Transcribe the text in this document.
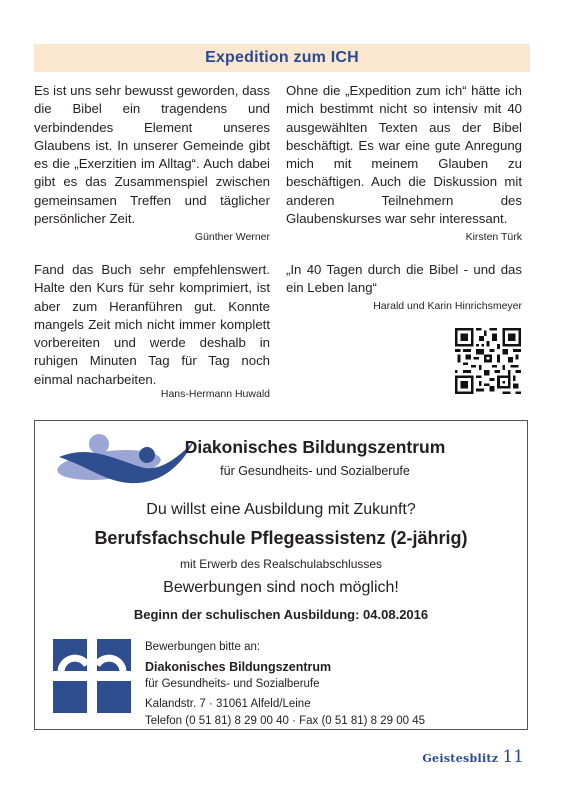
Expedition zum ICH

Es ist uns sehr bewusst geworden, dass die Bibel ein tragendens und verbindendes Element unseres Glaubens ist. In unserer Gemeinde gibt es die „Exerzitien im Alltag“. Auch dabei gibt es das Zusammenspiel zwischen gemeinsamen Treffen und täglicher persönlicher Zeit.

Günther Werner

Ohne die „Expedition zum ich“ hätte ich mich bestimmt nicht so intensiv mit 40 ausgewählten Texten aus der Bibel beschäftigt. Es war eine gute Anregung mich mit meinem Glauben zu beschäftigen. Auch die Diskussion mit anderen Teilnehmern des Glaubenskurses war sehr interessant.

Kirsten Türk

Fand das Buch sehr empfehlenswert. Halte den Kurs für sehr komprimiert, ist aber zum Heranführen gut. Konnte mangels Zeit mich nicht immer komplett vorbereiten und werde deshalb in ruhigen Minuten Tag für Tag noch einmal nacharbeiten.

Hans-Hermann Huwald

„In 40 Tagen durch die Bibel - und das ein Leben lang“

Harald und Karin Hinrichsmeyer
Diakonisches Bildungszentrum
für Gesundheits- und Sozialberufe
Du willst eine Ausbildung mit Zukunft?
Berufsfachschule Pflegeassistenz (2-jährig)
mit Erwerb des Realschulabschlusses
Bewerbungen sind noch möglich!
Beginn der schulischen Ausbildung: 04.08.2016
Bewerbungen bitte an:
Diakonisches Bildungszentrum
für Gesundheits- und Sozialberufe
Kalandstr. 7 · 31061 Alfeld/Leine
Telefon (0 51 81) 8 29 00 40 · Fax (0 51 81) 8 29 00 45
Geistesblitz 11
